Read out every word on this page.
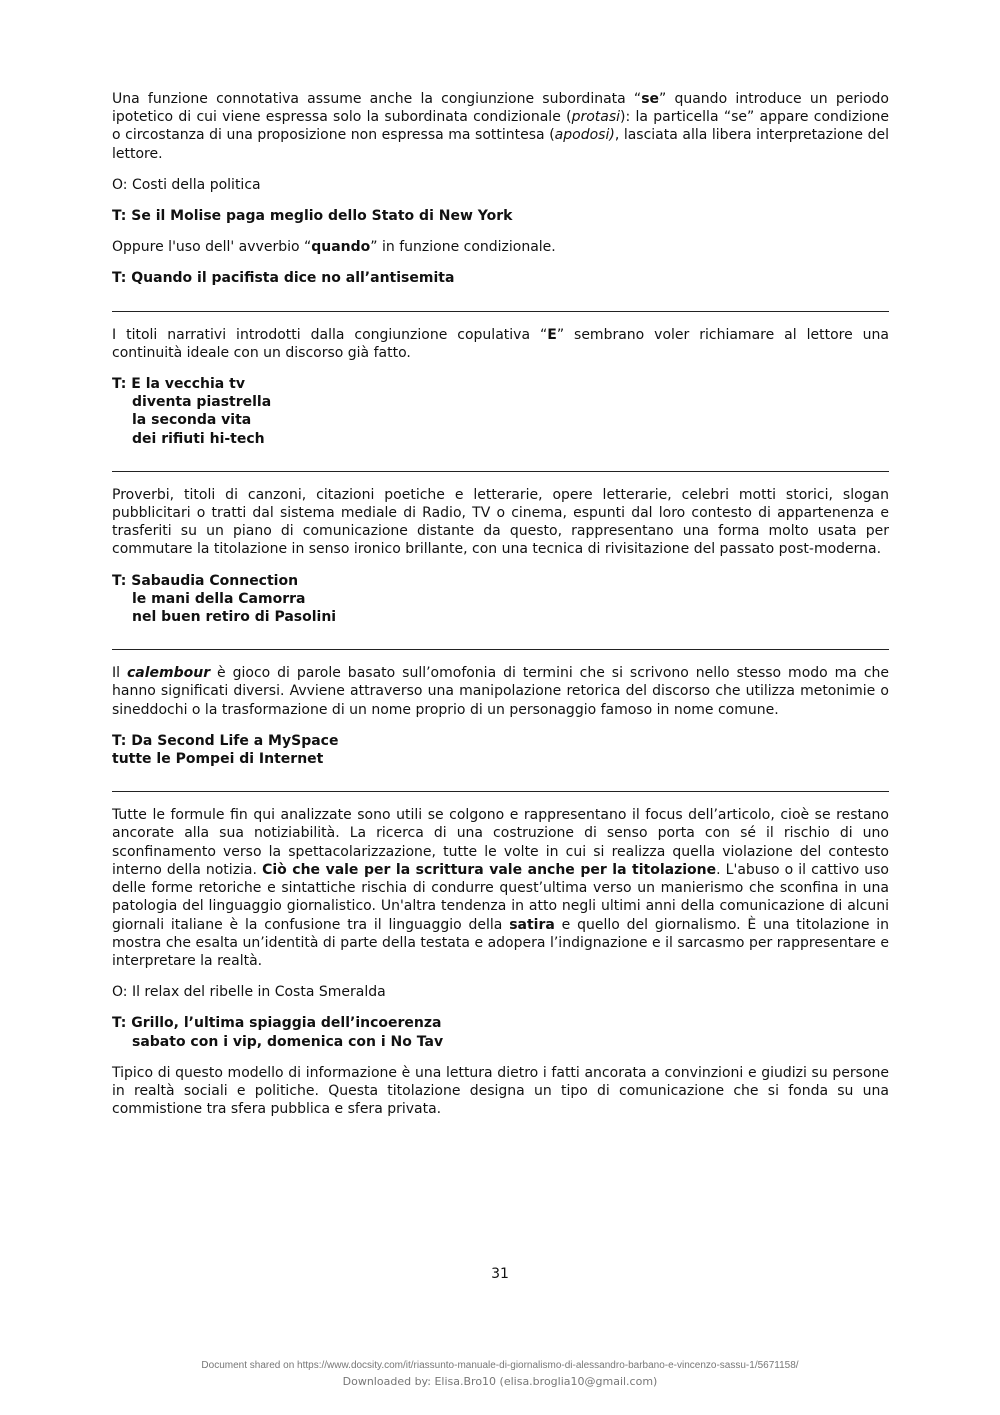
Una funzione connotativa assume anche la congiunzione subordinata “se” quando introduce un periodo ipotetico di cui viene espressa solo la subordinata condizionale (protasi): la particella “se” appare condizione o circostanza di una proposizione non espressa ma sottintesa (apodosi), lasciata alla libera interpretazione del lettore.

O: Costi della politica

T: Se il Molise paga meglio dello Stato di New York

Oppure l'uso dell' avverbio “quando” in funzione condizionale.

T: Quando il pacifista dice no all’antisemita

I titoli narrativi introdotti dalla congiunzione copulativa “E” sembrano voler richiamare al lettore una continuità ideale con un discorso già fatto.

T: E la vecchia tv

diventa piastrella

la seconda vita

dei rifiuti hi-tech

Proverbi, titoli di canzoni, citazioni poetiche e letterarie, opere letterarie, celebri motti storici, slogan pubblicitari o tratti dal sistema mediale di Radio, TV o cinema, espunti dal loro contesto di appartenenza e trasferiti su un piano di comunicazione distante da questo, rappresentano una forma molto usata per commutare la titolazione in senso ironico brillante, con una tecnica di rivisitazione del passato post-moderna.

T: Sabaudia Connection

le mani della Camorra

nel buen retiro di Pasolini

Il calembour è gioco di parole basato sull’omofonia di termini che si scrivono nello stesso modo ma che hanno significati diversi. Avviene attraverso una manipolazione retorica del discorso che utilizza metonimie o sineddochi o la trasformazione di un nome proprio di un personaggio famoso in nome comune.

T: Da Second Life a MySpace

tutte le Pompei di Internet

Tutte le formule fin qui analizzate sono utili se colgono e rappresentano il focus dell’articolo, cioè se restano ancorate alla sua notiziabilità. La ricerca di una costruzione di senso porta con sé il rischio di uno sconfinamento verso la spettacolarizzazione, tutte le volte in cui si realizza quella violazione del contesto interno della notizia. Ciò che vale per la scrittura vale anche per la titolazione. L'abuso o il cattivo uso delle forme retoriche e sintattiche rischia di condurre quest’ultima verso un manierismo che sconfina in una patologia del linguaggio giornalistico. Un'altra tendenza in atto negli ultimi anni della comunicazione di alcuni giornali italiane è la confusione tra il linguaggio della satira e quello del giornalismo. È una titolazione in mostra che esalta un’identità di parte della testata e adopera l’indignazione e il sarcasmo per rappresentare e interpretare la realtà.

O: Il relax del ribelle in Costa Smeralda

T: Grillo, l’ultima spiaggia dell’incoerenza

sabato con i vip, domenica con i No Tav

Tipico di questo modello di informazione è una lettura dietro i fatti ancorata a convinzioni e giudizi su persone in realtà sociali e politiche. Questa titolazione designa un tipo di comunicazione che si fonda su una commistione tra sfera pubblica e sfera privata.

31
Document shared on https://www.docsity.com/it/riassunto-manuale-di-giornalismo-di-alessandro-barbano-e-vincenzo-sassu-1/5671158/
Downloaded by: Elisa.Bro10 (elisa.broglia10@gmail.com)
